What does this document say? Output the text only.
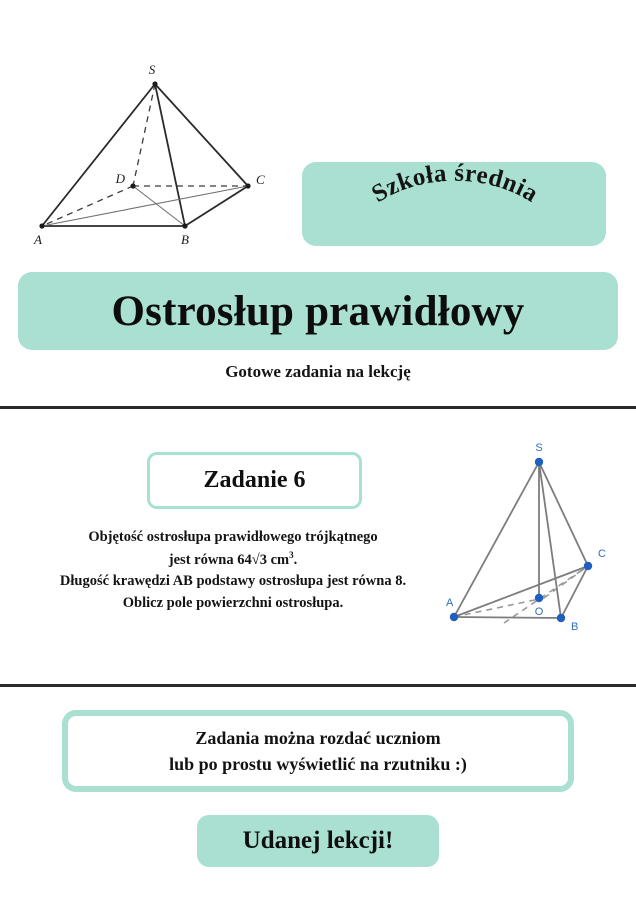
S
D	C
A	B
Szkoła średnia
Ostrosłup prawidłowy
Gotowe zadania na lekcję
Zadanie 6
Objętość ostrosłupa prawidłowego trójkątnego
jest równa 64√3 $cm^3$.
Długość krawędzi AB podstawy ostrosłupa jest równa 8.
Oblicz pole powierzchni ostrosłupa.
S
C
A
O
B
Zadania można rozdać uczniom
lub po prostu wyświetlić na rzutniku :)
Udanej lekcji!
